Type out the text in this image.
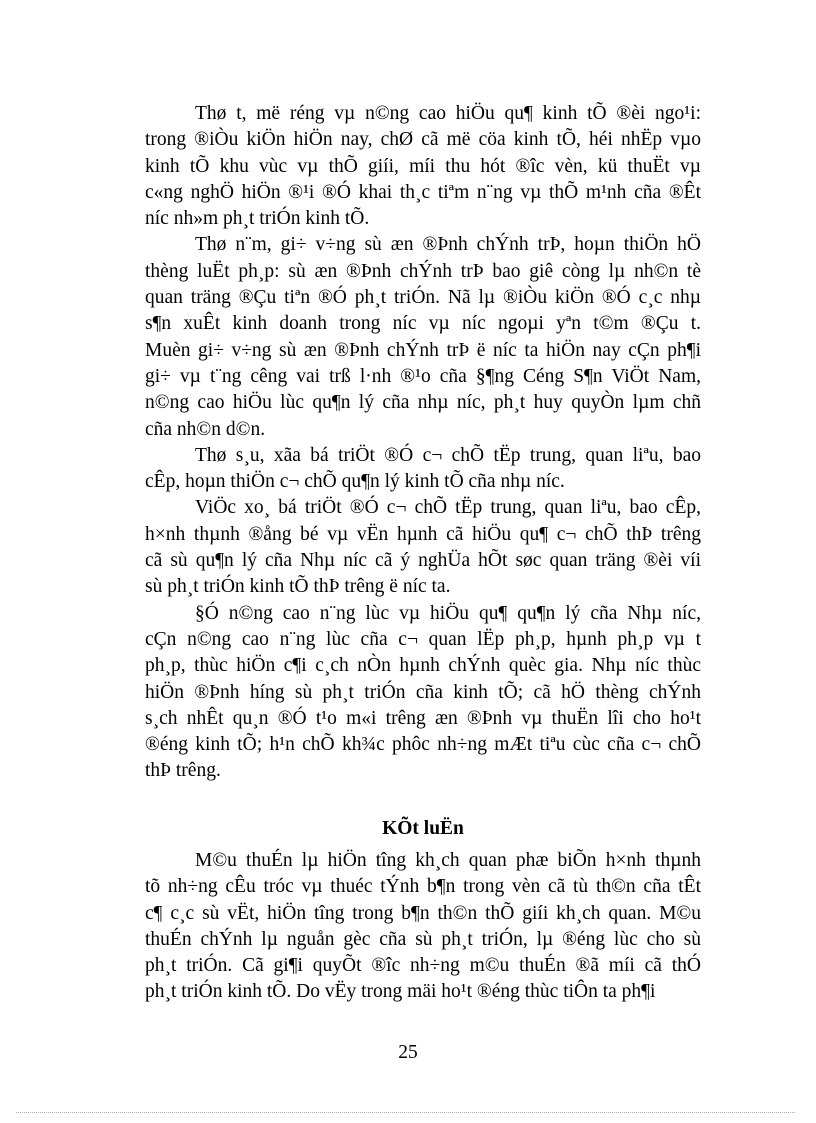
Thø t, më réng vµ n©ng cao hiÖu qu¶ kinh tÕ ®èi ngo¹i:
trong ®iÒu kiÖn hiÖn nay, chØ cã më cöa kinh tÕ, héi nhËp vµo
kinh tÕ khu vùc vµ thÕ giíi, míi thu hót ®îc vèn, kü thuËt vµ
c«ng nghÖ hiÖn ®¹i ®Ó khai th¸c tiªm n¨ng vµ thÕ m¹nh cña ®Êt
níc nh»m ph¸t triÓn kinh tÕ.
Thø n¨m, gi÷ v÷ng sù æn ®Þnh chÝnh trÞ, hoµn thiÖn hÖ
thèng luËt ph¸p: sù æn ®Þnh chÝnh trÞ bao giê còng lµ nh©n tè
quan träng ®Çu tiªn ®Ó ph¸t triÓn. Nã lµ ®iÒu kiÖn ®Ó c¸c nhµ
s¶n xuÊt kinh doanh trong níc vµ níc ngoµi yªn t©m ®Çu t.
Muèn gi÷ v÷ng sù æn ®Þnh chÝnh trÞ ë níc ta hiÖn nay cÇn ph¶i
gi÷ vµ t¨ng cêng vai trß l·nh ®¹o cña §¶ng Céng S¶n ViÖt Nam,
n©ng cao hiÖu lùc qu¶n lý cña nhµ níc, ph¸t huy quyÒn lµm chñ
cña nh©n d©n.
Thø s¸u, xãa bá triÖt ®Ó c¬ chÕ tËp trung, quan liªu, bao
cÊp, hoµn thiÖn c¬ chÕ qu¶n lý kinh tÕ cña nhµ níc.
ViÖc xo¸ bá triÖt ®Ó c¬ chÕ tËp trung, quan liªu, bao cÊp,
h×nh thµnh ®ång bé vµ vËn hµnh cã hiÖu qu¶ c¬ chÕ thÞ trêng
cã sù qu¶n lý cña Nhµ níc cã ý nghÜa hÕt søc quan träng ®èi víi
sù ph¸t triÓn kinh tÕ thÞ trêng ë níc ta.
§Ó n©ng cao n¨ng lùc vµ hiÖu qu¶ qu¶n lý cña Nhµ níc,
cÇn n©ng cao n¨ng lùc cña c¬ quan lËp ph¸p, hµnh ph¸p vµ t
ph¸p, thùc hiÖn c¶i c¸ch nÒn hµnh chÝnh quèc gia. Nhµ níc thùc
hiÖn ®Þnh híng sù ph¸t triÓn cña kinh tÕ; cã hÖ thèng chÝnh
s¸ch nhÊt qu¸n ®Ó t¹o m«i trêng æn ®Þnh vµ thuËn lîi cho ho¹t
®éng kinh tÕ; h¹n chÕ kh¾c phôc nh÷ng mÆt tiªu cùc cña c¬ chÕ
thÞ trêng.
KÕt luËn
M©u thuÉn lµ hiÖn tîng kh¸ch quan phæ biÕn h×nh thµnh
tõ nh÷ng cÊu tróc vµ thuéc tÝnh b¶n trong vèn cã tù th©n cña tÊt
c¶ c¸c sù vËt, hiÖn tîng trong b¶n th©n thÕ giíi kh¸ch quan. M©u
thuÉn chÝnh lµ nguån gèc cña sù ph¸t triÓn, lµ ®éng lùc cho sù
ph¸t triÓn. Cã gi¶i quyÕt ®îc nh÷ng m©u thuÉn ®ã míi cã thÓ
ph¸t triÓn kinh tÕ. Do vËy trong mäi ho¹t ®éng thùc tiÔn ta ph¶i
25
